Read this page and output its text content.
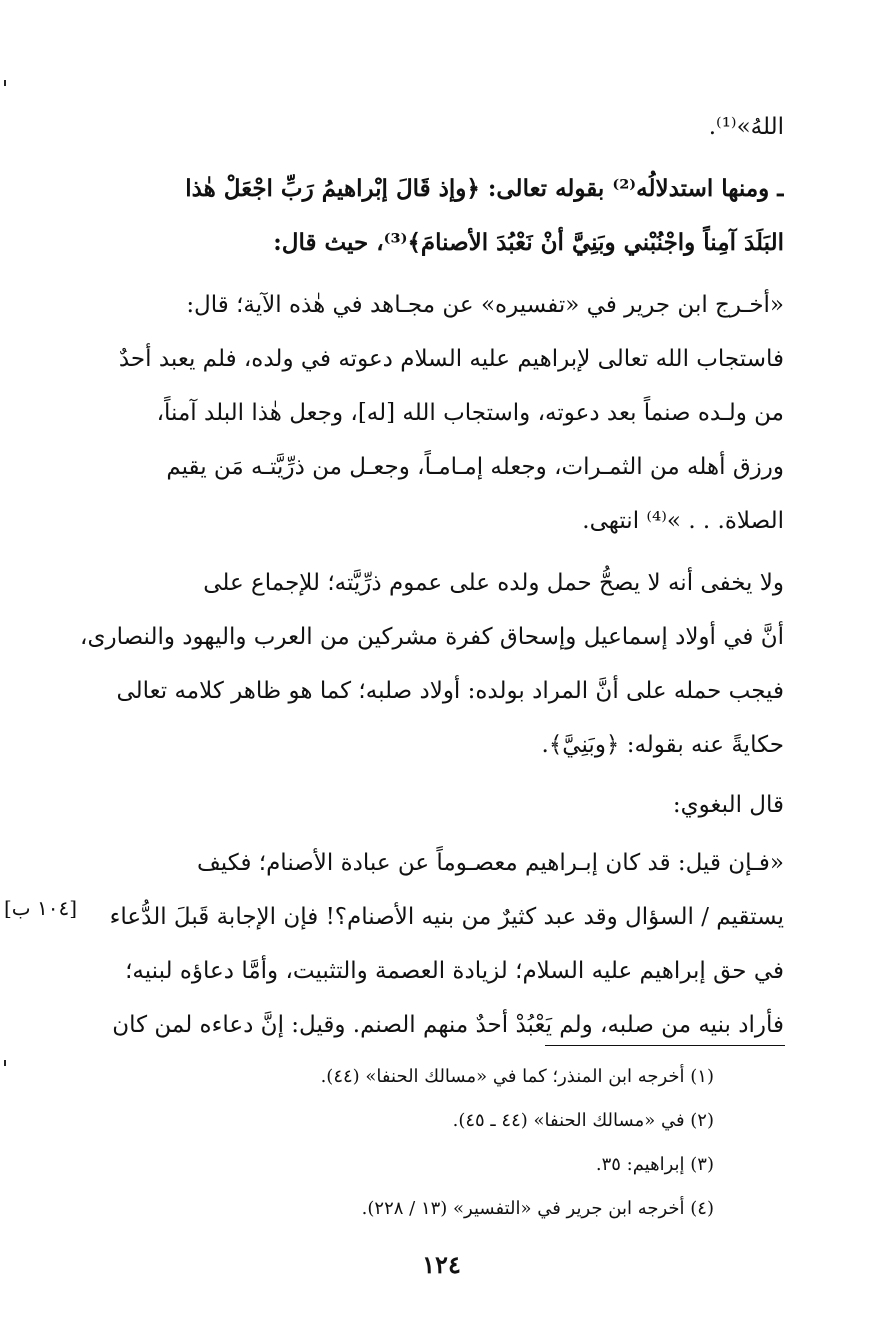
اللهُ»⁽¹⁾.
ـ ومنها استدلالُه⁽²⁾ بقوله تعالى: ﴿وإذ قَالَ إبْراهيمُ رَبِّ اجْعَلْ هٰذا
البَلَدَ آمِناً واجْنُبْني وبَنِيَّ أنْ نَعْبُدَ الأصنامَ﴾⁽³⁾، حيث قال:
«أخـرج ابن جرير في «تفسيره» عن مجـاهد في هٰذه الآية؛ قال:
فاستجاب الله تعالى لإبراهيم عليه السلام دعوته في ولده، فلم يعبد أحدٌ
من ولـده صنماً بعد دعوته، واستجاب الله [له]، وجعل هٰذا البلد آمناً،
ورزق أهله من الثمـرات، وجعله إمـامـاً، وجعـل من ذرِّيَّتـه مَن يقيم
الصلاة. . . »⁽⁴⁾ انتهى.
ولا يخفى أنه لا يصحُّ حمل ولده على عموم ذرِّيَّته؛ للإجماع على
أنَّ في أولاد إسماعيل وإسحاق كفرة مشركين من العرب واليهود والنصارى،
فيجب حمله على أنَّ المراد بولده: أولاد صلبه؛ كما هو ظاهر كلامه تعالى
حكايةً عنه بقوله: ﴿وبَنِيَّ﴾.
قال البغوي:
«فـإن قيل: قد كان إبـراهيم معصـوماً عن عبادة الأصنام؛ فكيف
يستقيم / السؤال وقد عبد كثيرٌ من بنيه الأصنام؟! فإن الإجابة قَبلَ الدُّعاء
في حق إبراهيم عليه السلام؛ لزيادة العصمة والتثبيت، وأمَّا دعاؤه لبنيه؛
فأراد بنيه من صلبه، ولم يَعْبُدْ أحدٌ منهم الصنم. وقيل: إنَّ دعاءه لمن كان
[١٠٤ ب]
(١) أخرجه ابن المنذر؛ كما في «مسالك الحنفا» (٤٤).
(٢) في «مسالك الحنفا» (٤٤ ـ ٤٥).
(٣) إبراهيم: ٣٥.
(٤) أخرجه ابن جرير في «التفسير» (١٣ / ٢٢٨).
١٢٤
